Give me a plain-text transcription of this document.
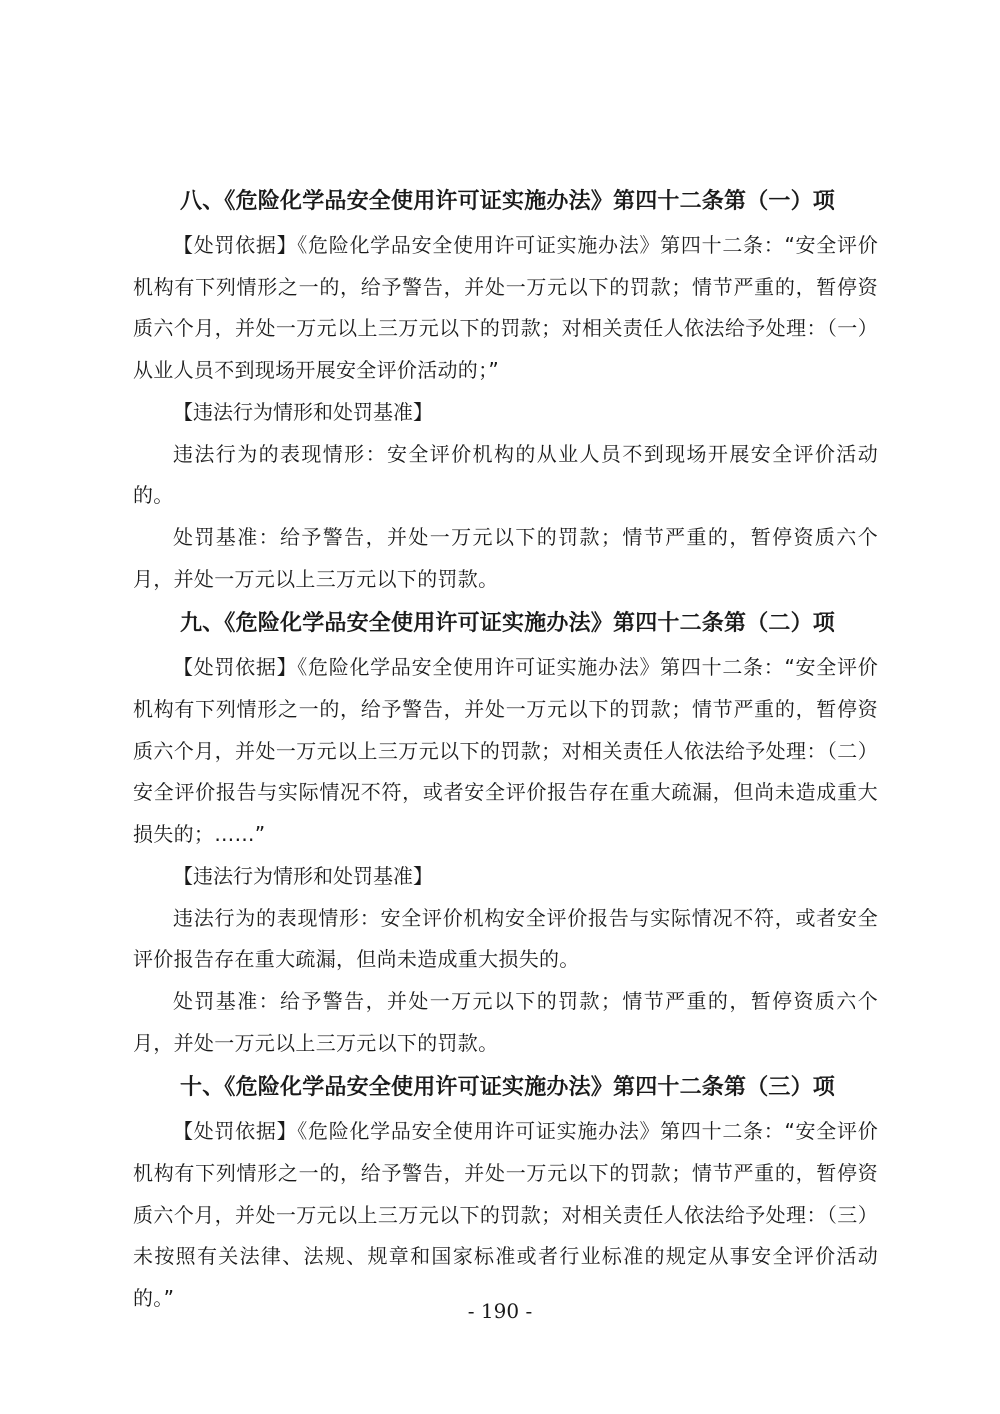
八、《危险化学品安全使用许可证实施办法》第四十二条第（一）项

【处罚依据】《危险化学品安全使用许可证实施办法》第四十二条：“安全评价机构有下列情形之一的，给予警告，并处一万元以下的罚款；情节严重的，暂停资质六个月，并处一万元以上三万元以下的罚款；对相关责任人依法给予处理：（一）从业人员不到现场开展安全评价活动的；”

【违法行为情形和处罚基准】

违法行为的表现情形：安全评价机构的从业人员不到现场开展安全评价活动的。

处罚基准：给予警告，并处一万元以下的罚款；情节严重的，暂停资质六个月，并处一万元以上三万元以下的罚款。

九、《危险化学品安全使用许可证实施办法》第四十二条第（二）项

【处罚依据】《危险化学品安全使用许可证实施办法》第四十二条：“安全评价机构有下列情形之一的，给予警告，并处一万元以下的罚款；情节严重的，暂停资质六个月，并处一万元以上三万元以下的罚款；对相关责任人依法给予处理：（二）安全评价报告与实际情况不符，或者安全评价报告存在重大疏漏，但尚未造成重大损失的；……”

【违法行为情形和处罚基准】

违法行为的表现情形：安全评价机构安全评价报告与实际情况不符，或者安全评价报告存在重大疏漏，但尚未造成重大损失的。

处罚基准：给予警告，并处一万元以下的罚款；情节严重的，暂停资质六个月，并处一万元以上三万元以下的罚款。

十、《危险化学品安全使用许可证实施办法》第四十二条第（三）项

【处罚依据】《危险化学品安全使用许可证实施办法》第四十二条：“安全评价机构有下列情形之一的，给予警告，并处一万元以下的罚款；情节严重的，暂停资质六个月，并处一万元以上三万元以下的罚款；对相关责任人依法给予处理：（三）未按照有关法律、法规、规章和国家标准或者行业标准的规定从事安全评价活动的。”

- 190 -
